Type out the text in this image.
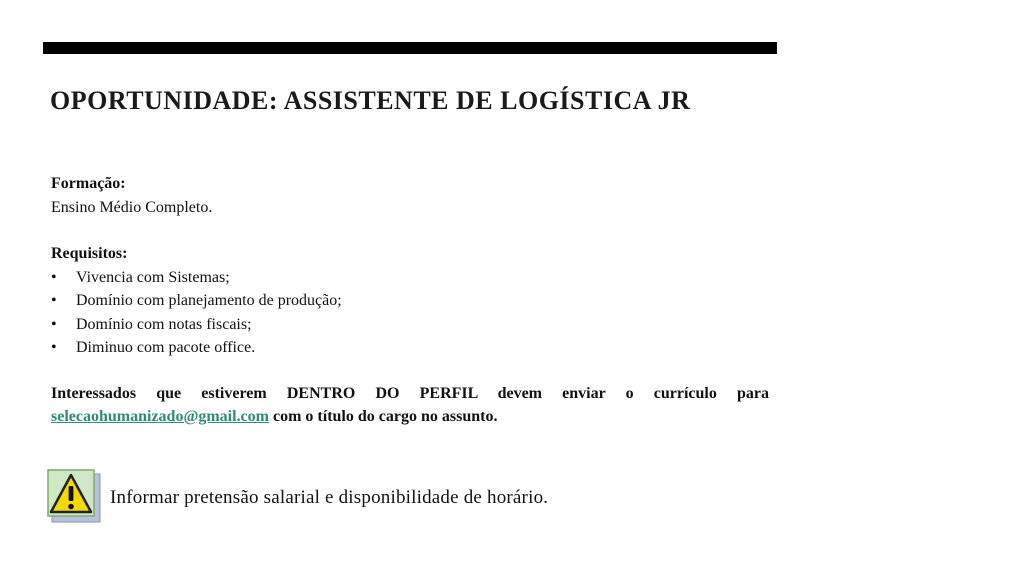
OPORTUNIDADE: ASSISTENTE DE LOGÍSTICA JR
Formação:
Ensino Médio Completo.
Requisitos:
• Vivencia com Sistemas;
• Domínio com planejamento de produção;
• Domínio com notas fiscais;
• Diminuo com pacote office.
Interessados que estiverem DENTRO DO PERFIL devem enviar o currículo para selecaohumanizado@gmail.com com o título do cargo no assunto.
Informar pretensão salarial e disponibilidade de horário.
